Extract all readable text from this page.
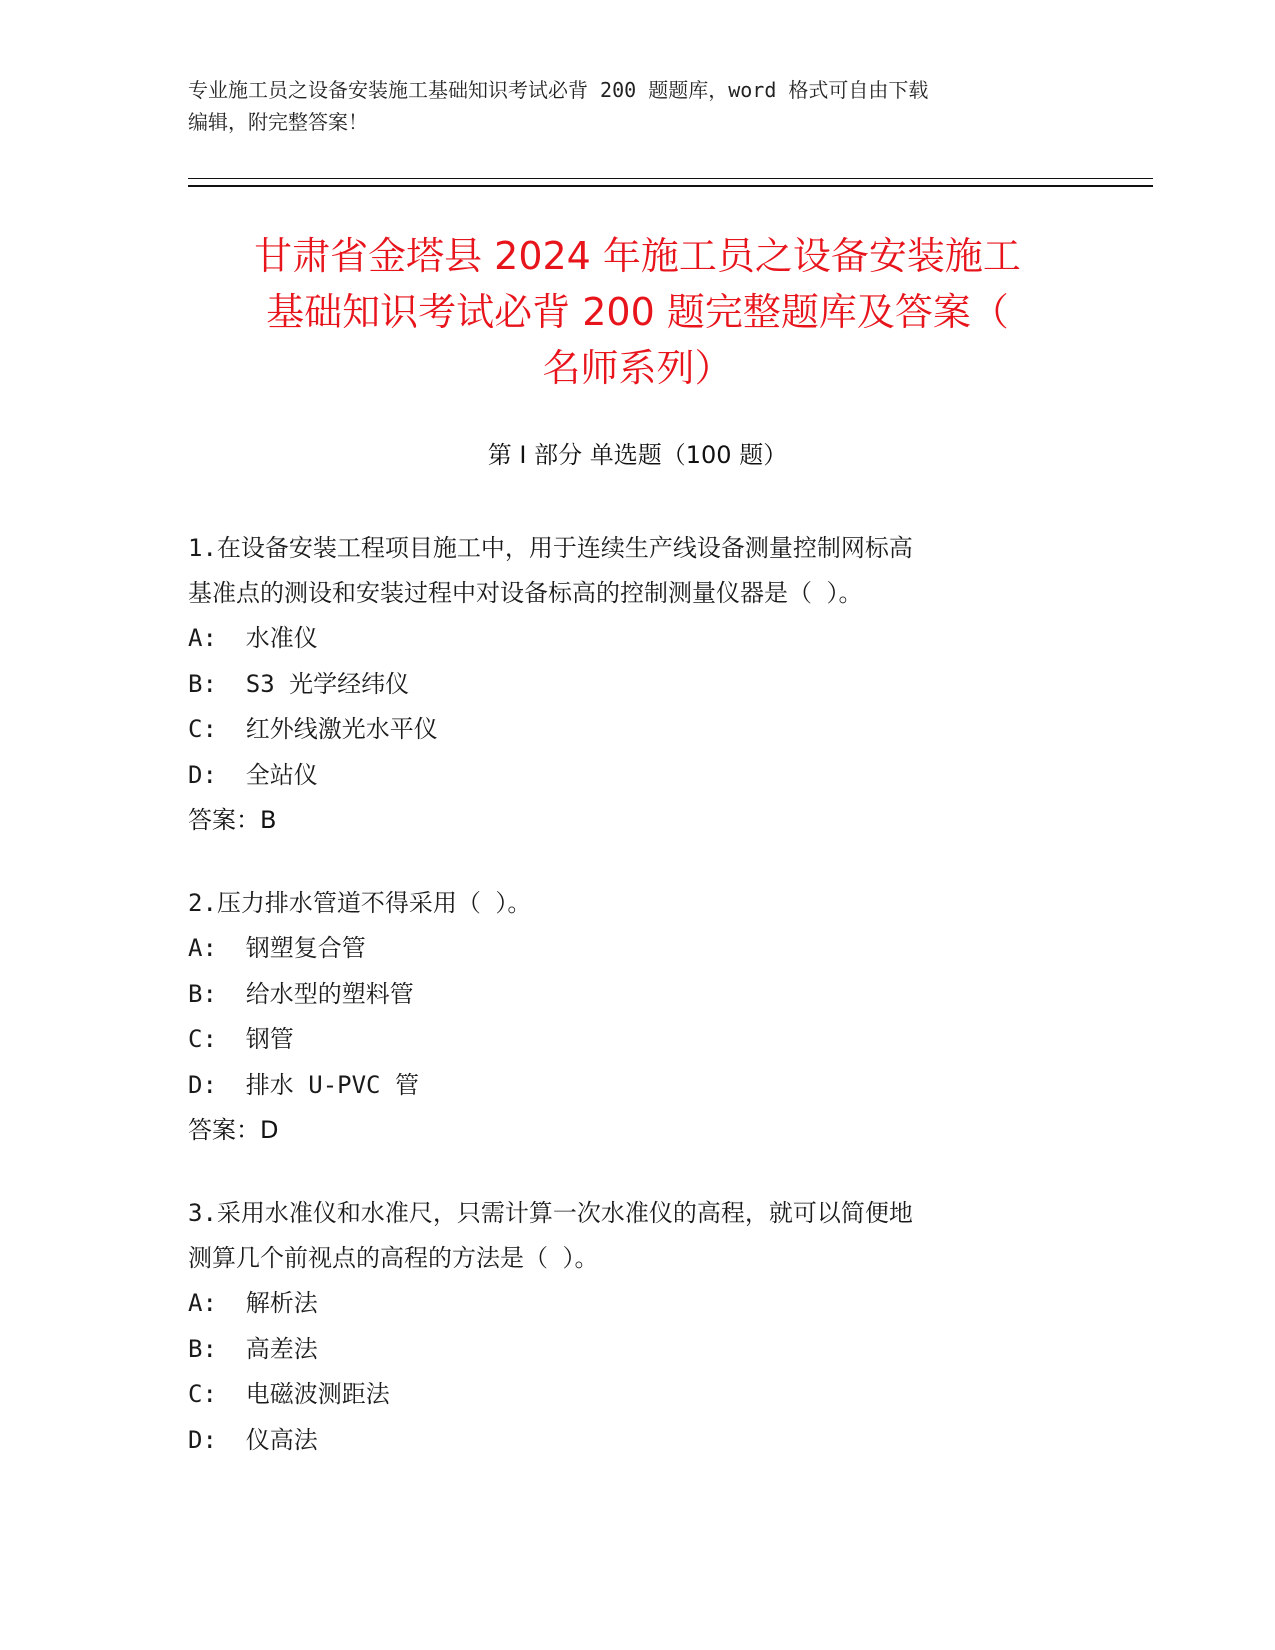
专业施工员之设备安装施工基础知识考试必背 200 题题库，word 格式可自由下载
编辑，附完整答案！
甘肃省金塔县 2024 年施工员之设备安装施工
基础知识考试必背 200 题完整题库及答案（
名师系列）
第 I 部分 单选题（100 题）
1.在设备安装工程项目施工中，用于连续生产线设备测量控制网标高
基准点的测设和安装过程中对设备标高的控制测量仪器是（ ）。
A:  水准仪
B:  S3 光学经纬仪
C:  红外线激光水平仪
D:  全站仪
答案：B
2.压力排水管道不得采用（ ）。
A:  钢塑复合管
B:  给水型的塑料管
C:  钢管
D:  排水 U-PVC 管
答案：D
3.采用水准仪和水准尺，只需计算一次水准仪的高程，就可以简便地
测算几个前视点的高程的方法是（ ）。
A:  解析法
B:  高差法
C:  电磁波测距法
D:  仪高法
